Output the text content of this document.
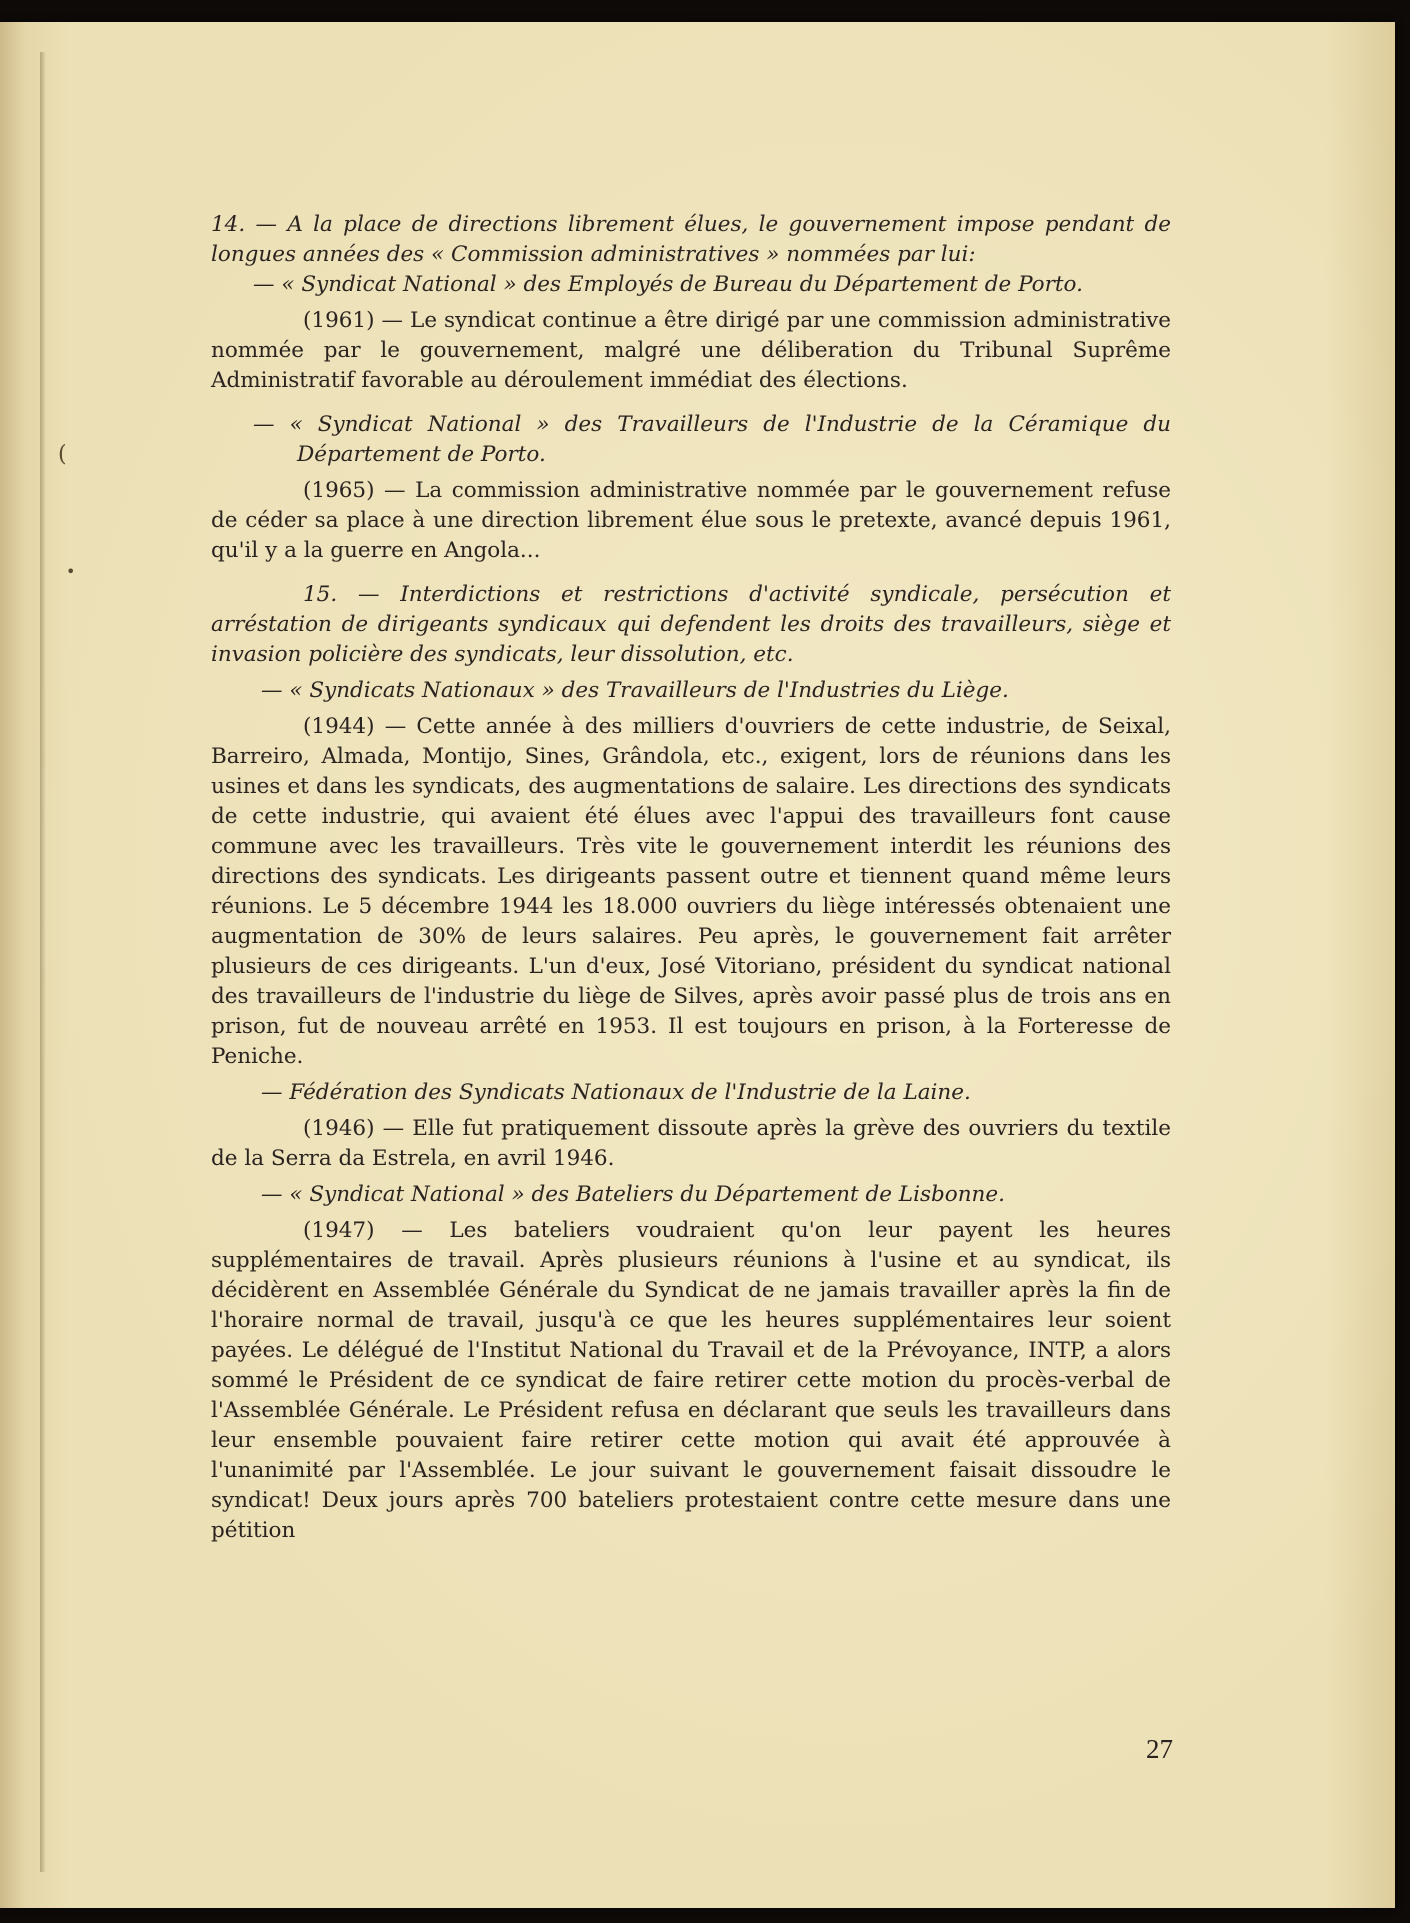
(
•

14. — A la place de directions librement élues, le gouvernement impose pendant de longues années des « Commission administratives » nommées par lui:

— « Syndicat National » des Employés de Bureau du Département de Porto.

(1961) — Le syndicat continue a être dirigé par une commission administrative nommée par le gouvernement, malgré une déliberation du Tribunal Suprême Administratif favorable au déroulement immédiat des élections.

— « Syndicat National » des Travailleurs de l'Industrie de la Céramique du Département de Porto.

(1965) — La commission administrative nommée par le gouvernement refuse de céder sa place à une direction librement élue sous le pretexte, avancé depuis 1961, qu'il y a la guerre en Angola...

15. — Interdictions et restrictions d'activité syndicale, persécution et arréstation de dirigeants syndicaux qui defendent les droits des travailleurs, siège et invasion policière des syndicats, leur dissolution, etc.

— « Syndicats Nationaux » des Travailleurs de l'Industries du Liège.

(1944) — Cette année à des milliers d'ouvriers de cette industrie, de Seixal, Barreiro, Almada, Montijo, Sines, Grândola, etc., exigent, lors de réunions dans les usines et dans les syndicats, des augmentations de salaire. Les directions des syndicats de cette industrie, qui avaient été élues avec l'appui des travailleurs font cause commune avec les travailleurs. Très vite le gouvernement interdit les réunions des directions des syndicats. Les dirigeants passent outre et tiennent quand même leurs réunions. Le 5 décembre 1944 les 18.000 ouvriers du liège intéressés obtenaient une augmentation de 30% de leurs salaires. Peu après, le gouvernement fait arrêter plusieurs de ces dirigeants. L'un d'eux, José Vitoriano, président du syndicat national des travailleurs de l'industrie du liège de Silves, après avoir passé plus de trois ans en prison, fut de nouveau arrêté en 1953. Il est toujours en prison, à la Forteresse de Peniche.

— Fédération des Syndicats Nationaux de l'Industrie de la Laine.

(1946) — Elle fut pratiquement dissoute après la grève des ouvriers du textile de la Serra da Estrela, en avril 1946.

— « Syndicat National » des Bateliers du Département de Lisbonne.

(1947) — Les bateliers voudraient qu'on leur payent les heures supplémentaires de travail. Après plusieurs réunions à l'usine et au syndicat, ils décidèrent en Assemblée Générale du Syndicat de ne jamais travailler après la fin de l'horaire normal de travail, jusqu'à ce que les heures supplémentaires leur soient payées. Le délégué de l'Institut National du Travail et de la Prévoyance, INTP, a alors sommé le Président de ce syndicat de faire retirer cette motion du procès-verbal de l'Assemblée Générale. Le Président refusa en déclarant que seuls les travailleurs dans leur ensemble pouvaient faire retirer cette motion qui avait été approuvée à l'unanimité par l'Assemblée. Le jour suivant le gouvernement faisait dissoudre le syndicat! Deux jours après 700 bateliers protestaient contre cette mesure dans une pétition

27
